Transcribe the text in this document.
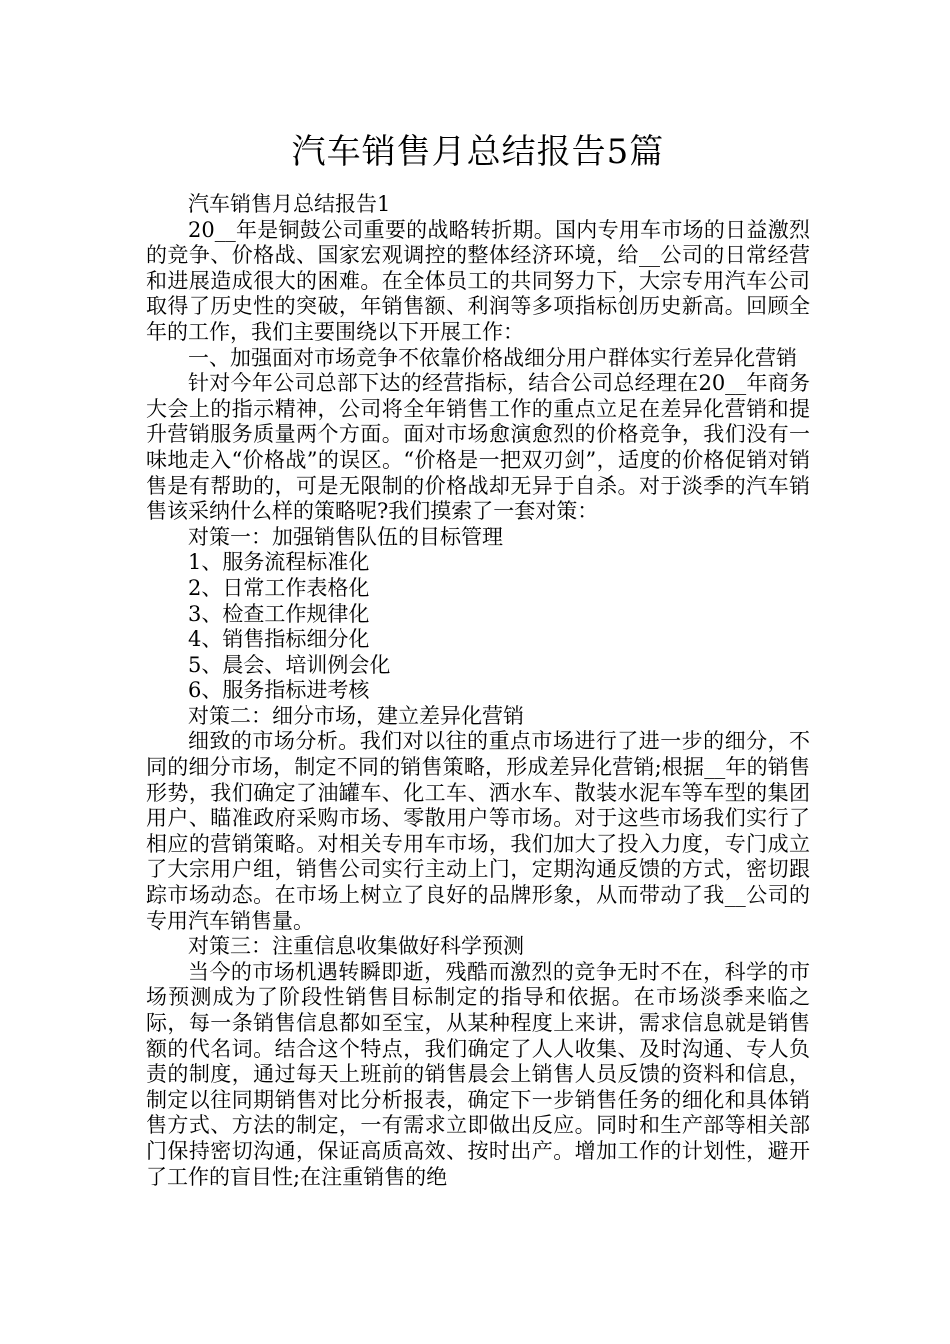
汽车销售月总结报告5篇

汽车销售月总结报告1

20__年是铜鼓公司重要的战略转折期。国内专用车市场的日益激烈的竞争、价格战、国家宏观调控的整体经济环境，给__公司的日常经营和进展造成很大的困难。在全体员工的共同努力下，大宗专用汽车公司取得了历史性的突破，年销售额、利润等多项指标创历史新高。回顾全年的工作，我们主要围绕以下开展工作：

一、加强面对市场竞争不依靠价格战细分用户群体实行差异化营销

针对今年公司总部下达的经营指标，结合公司总经理在20__年商务大会上的指示精神，公司将全年销售工作的重点立足在差异化营销和提升营销服务质量两个方面。面对市场愈演愈烈的价格竞争，我们没有一味地走入“价格战”的误区。“价格是一把双刃剑”，适度的价格促销对销售是有帮助的，可是无限制的价格战却无异于自杀。对于淡季的汽车销售该采纳什么样的策略呢?我们摸索了一套对策：

对策一：加强销售队伍的目标管理

1、服务流程标准化

2、日常工作表格化

3、检查工作规律化

4、销售指标细分化

5、晨会、培训例会化

6、服务指标进考核

对策二：细分市场，建立差异化营销

细致的市场分析。我们对以往的重点市场进行了进一步的细分，不同的细分市场，制定不同的销售策略，形成差异化营销;根据__年的销售形势，我们确定了油罐车、化工车、洒水车、散装水泥车等车型的集团用户、瞄准政府采购市场、零散用户等市场。对于这些市场我们实行了相应的营销策略。对相关专用车市场，我们加大了投入力度，专门成立了大宗用户组，销售公司实行主动上门，定期沟通反馈的方式，密切跟踪市场动态。在市场上树立了良好的品牌形象，从而带动了我__公司的专用汽车销售量。

对策三：注重信息收集做好科学预测

当今的市场机遇转瞬即逝，残酷而激烈的竞争无时不在，科学的市场预测成为了阶段性销售目标制定的指导和依据。在市场淡季来临之际，每一条销售信息都如至宝，从某种程度上来讲，需求信息就是销售额的代名词。结合这个特点，我们确定了人人收集、及时沟通、专人负责的制度，通过每天上班前的销售晨会上销售人员反馈的资料和信息，制定以往同期销售对比分析报表，确定下一步销售任务的细化和具体销售方式、方法的制定，一有需求立即做出反应。同时和生产部等相关部门保持密切沟通，保证高质高效、按时出产。增加工作的计划性，避开了工作的盲目性;在注重销售的绝
